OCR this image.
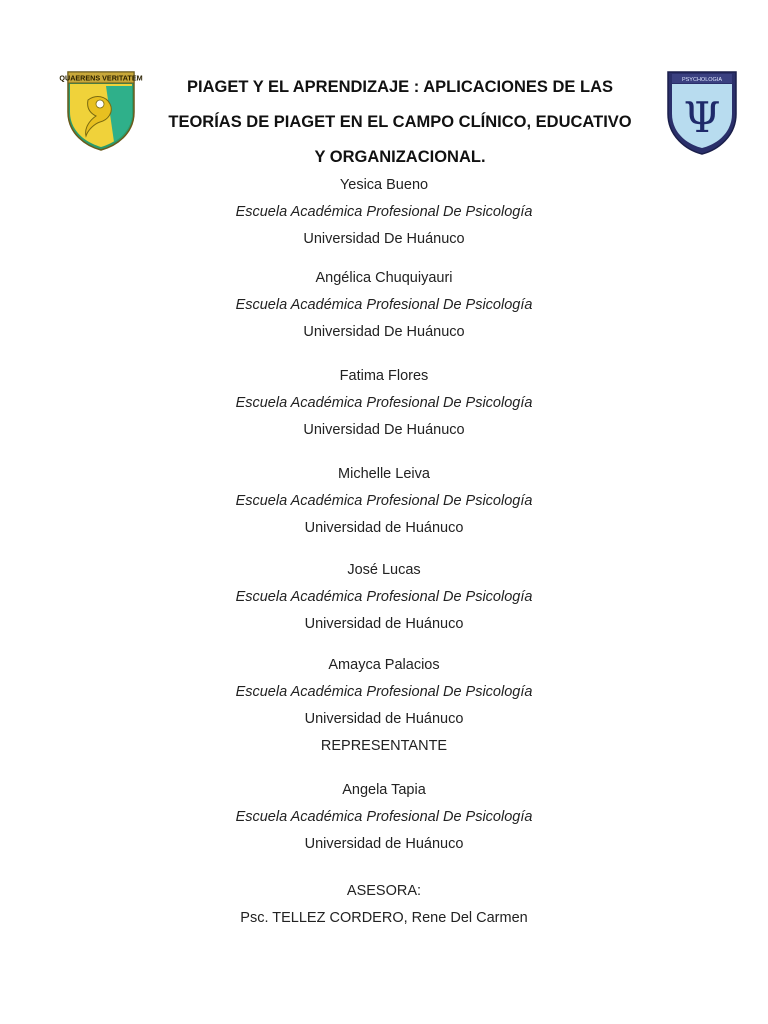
QUAERENS VERITATEM	PIAGET Y EL APRENDIZAJE : APLICACIONES DE LAS
TEORÍAS DE PIAGET EN EL CAMPO CLÍNICO, EDUCATIVO
Y ORGANIZACIONAL.
PSYCHOLOGIA
Ψ
Yesica Bueno
Escuela Académica Profesional De Psicología
Universidad De Huánuco
Angélica Chuquiyauri
Escuela Académica Profesional De Psicología
Universidad De Huánuco
Fatima Flores
Escuela Académica Profesional De Psicología
Universidad De Huánuco
Michelle Leiva
Escuela Académica Profesional De Psicología
Universidad de Huánuco
José Lucas
Escuela Académica Profesional De Psicología
Universidad de Huánuco
Amayca Palacios
Escuela Académica Profesional De Psicología
Universidad de Huánuco
REPRESENTANTE
Angela Tapia
Escuela Académica Profesional De Psicología
Universidad de Huánuco
ASESORA:
Psc. TELLEZ CORDERO, Rene Del Carmen
